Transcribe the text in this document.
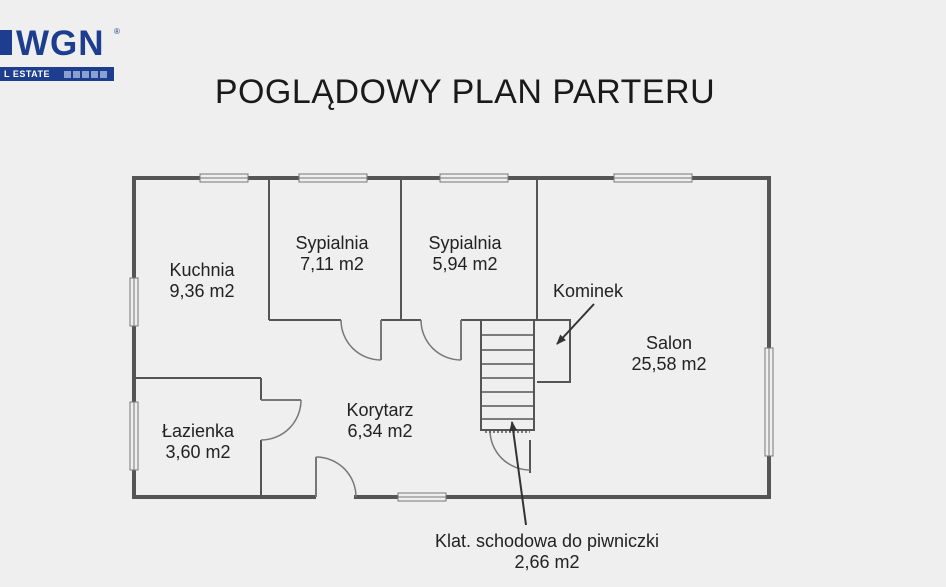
WGN ®
L ESTATE	POGLĄDOWY PLAN PARTERU
Kuchnia
9,36 m2
Sypialnia
7,11 m2
Sypialnia
5,94 m2
Salon
25,58 m2
Łazienka
3,60 m2
Korytarz
6,34 m2
Kominek
Klat. schodowa do piwniczki
2,66 m2
